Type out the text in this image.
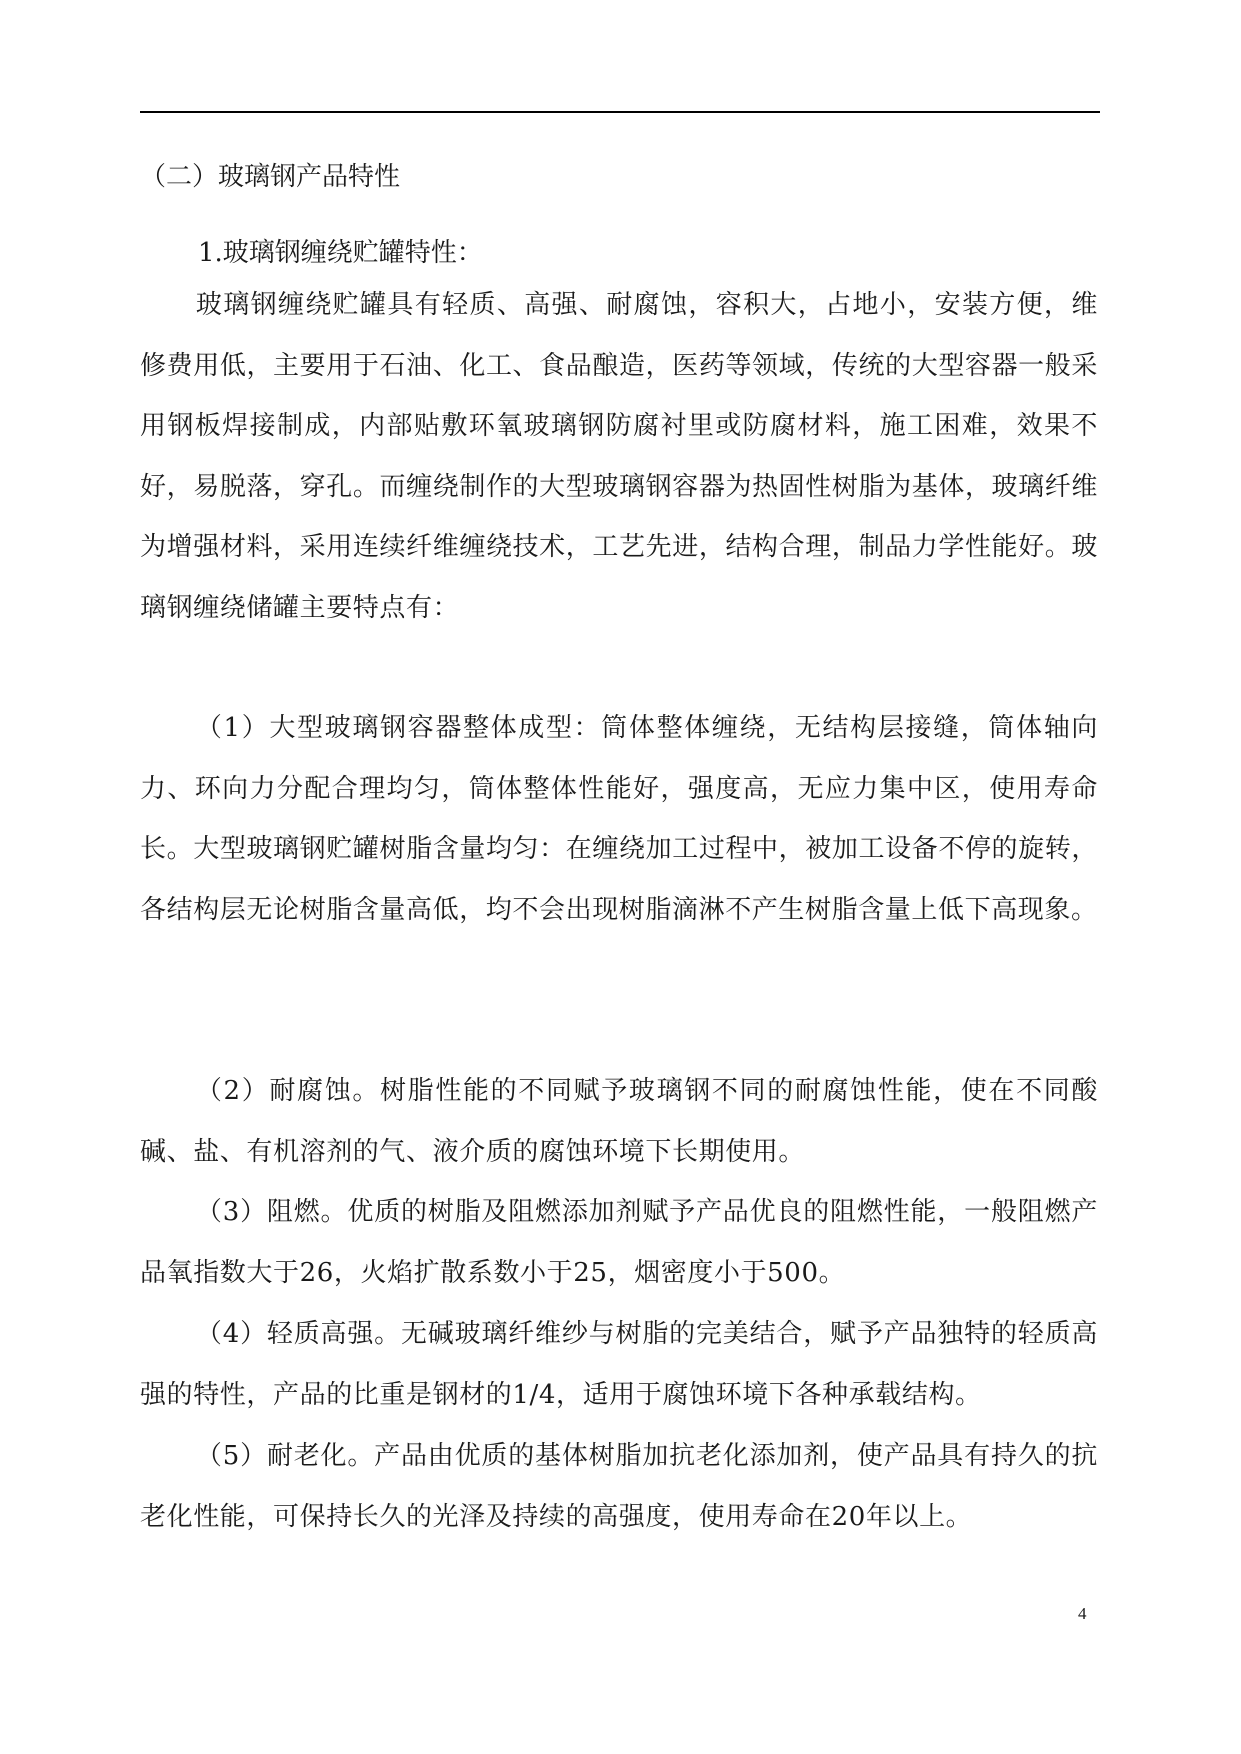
（二）玻璃钢产品特性
1.玻璃钢缠绕贮罐特性：

玻璃钢缠绕贮罐具有轻质、高强、耐腐蚀，容积大，占地小，安装方便，维修费用低，主要用于石油、化工、食品酿造，医药等领域，传统的大型容器一般采用钢板焊接制成，内部贴敷环氧玻璃钢防腐衬里或防腐材料，施工困难，效果不好，易脱落，穿孔。而缠绕制作的大型玻璃钢容器为热固性树脂为基体，玻璃纤维为增强材料，采用连续纤维缠绕技术，工艺先进，结构合理，制品力学性能好。玻璃钢缠绕储罐主要特点有：

（1）大型玻璃钢容器整体成型：筒体整体缠绕，无结构层接缝，筒体轴向力、环向力分配合理均匀，筒体整体性能好，强度高，无应力集中区，使用寿命长。大型玻璃钢贮罐树脂含量均匀：在缠绕加工过程中，被加工设备不停的旋转，各结构层无论树脂含量高低，均不会出现树脂滴淋不产生树脂含量上低下高现象。

（2）耐腐蚀。树脂性能的不同赋予玻璃钢不同的耐腐蚀性能，使在不同酸碱、盐、有机溶剂的气、液介质的腐蚀环境下长期使用。

（3）阻燃。优质的树脂及阻燃添加剂赋予产品优良的阻燃性能，一般阻燃产品氧指数大于26，火焰扩散系数小于25，烟密度小于500。

（4）轻质高强。无碱玻璃纤维纱与树脂的完美结合，赋予产品独特的轻质高强的特性，产品的比重是钢材的1/4，适用于腐蚀环境下各种承载结构。

（5）耐老化。产品由优质的基体树脂加抗老化添加剂，使产品具有持久的抗老化性能，可保持长久的光泽及持续的高强度，使用寿命在20年以上。

4
